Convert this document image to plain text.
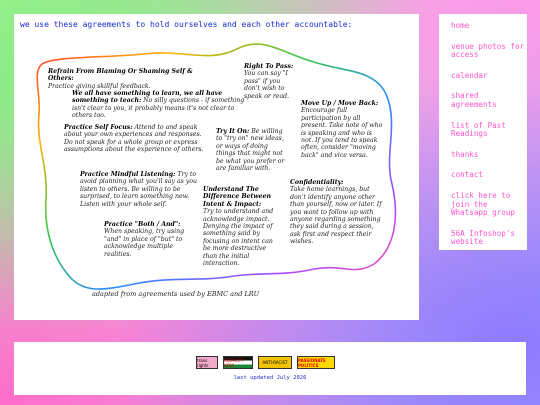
we use these agreements to hold ourselves and each other accountable:
Refrain From Blaming Or Shaming Self & Others:
Practice giving skillful feedback.
We all have something to learn, we all have something to teach: No silly questions - if something isn't clear to you, it probably means it's not clear to others too.
Practice Self Focus: Attend to and speak about your own experiences and responses. Do not speak for a whole group or express assumptions about the experience of others.
Practice Mindful Listening: Try to avoid planning what you'll say as you listen to others. Be willing to be surprised, to learn something new. Listen with your whole self.
Practice "Both / And":
When speaking, try using "and" in place of "but" to acknowledge multiple realities.
Right To Pass:
You can say "I pass" if you don't wish to speak or read.
Try It On: Be willing to "try on" new ideas, or ways of doing things that might not be what you prefer or are familiar with.
Understand The Difference Between Intent & Impact:
Try to understand and acknowledge impact. Denying the impact of something said by focusing on intent can be more destructive than the initial interaction.
Move Up / Move Back:
Encourage full participation by all present. Take note of who is speaking and who is not. If you tend to speak often, consider "moving back" and vice versa.
Confidentiality:
Take home learnings, but don't identify anyone other than yourself, now or later. If you want to follow up with anyone regarding something they said during a session, ask first and respect their wishes.
adapted from agreements used by EBMC and LRU
home
venue photos for access
calendar
shared agreements
list of Past Readings
thanks
contact
click here to join the Whatsapp group
56A Infoshop's website
trans rights
EQUALITY NOW	ANTI-RACIST	PASSIONATE POLITICS
last updated July 2026
